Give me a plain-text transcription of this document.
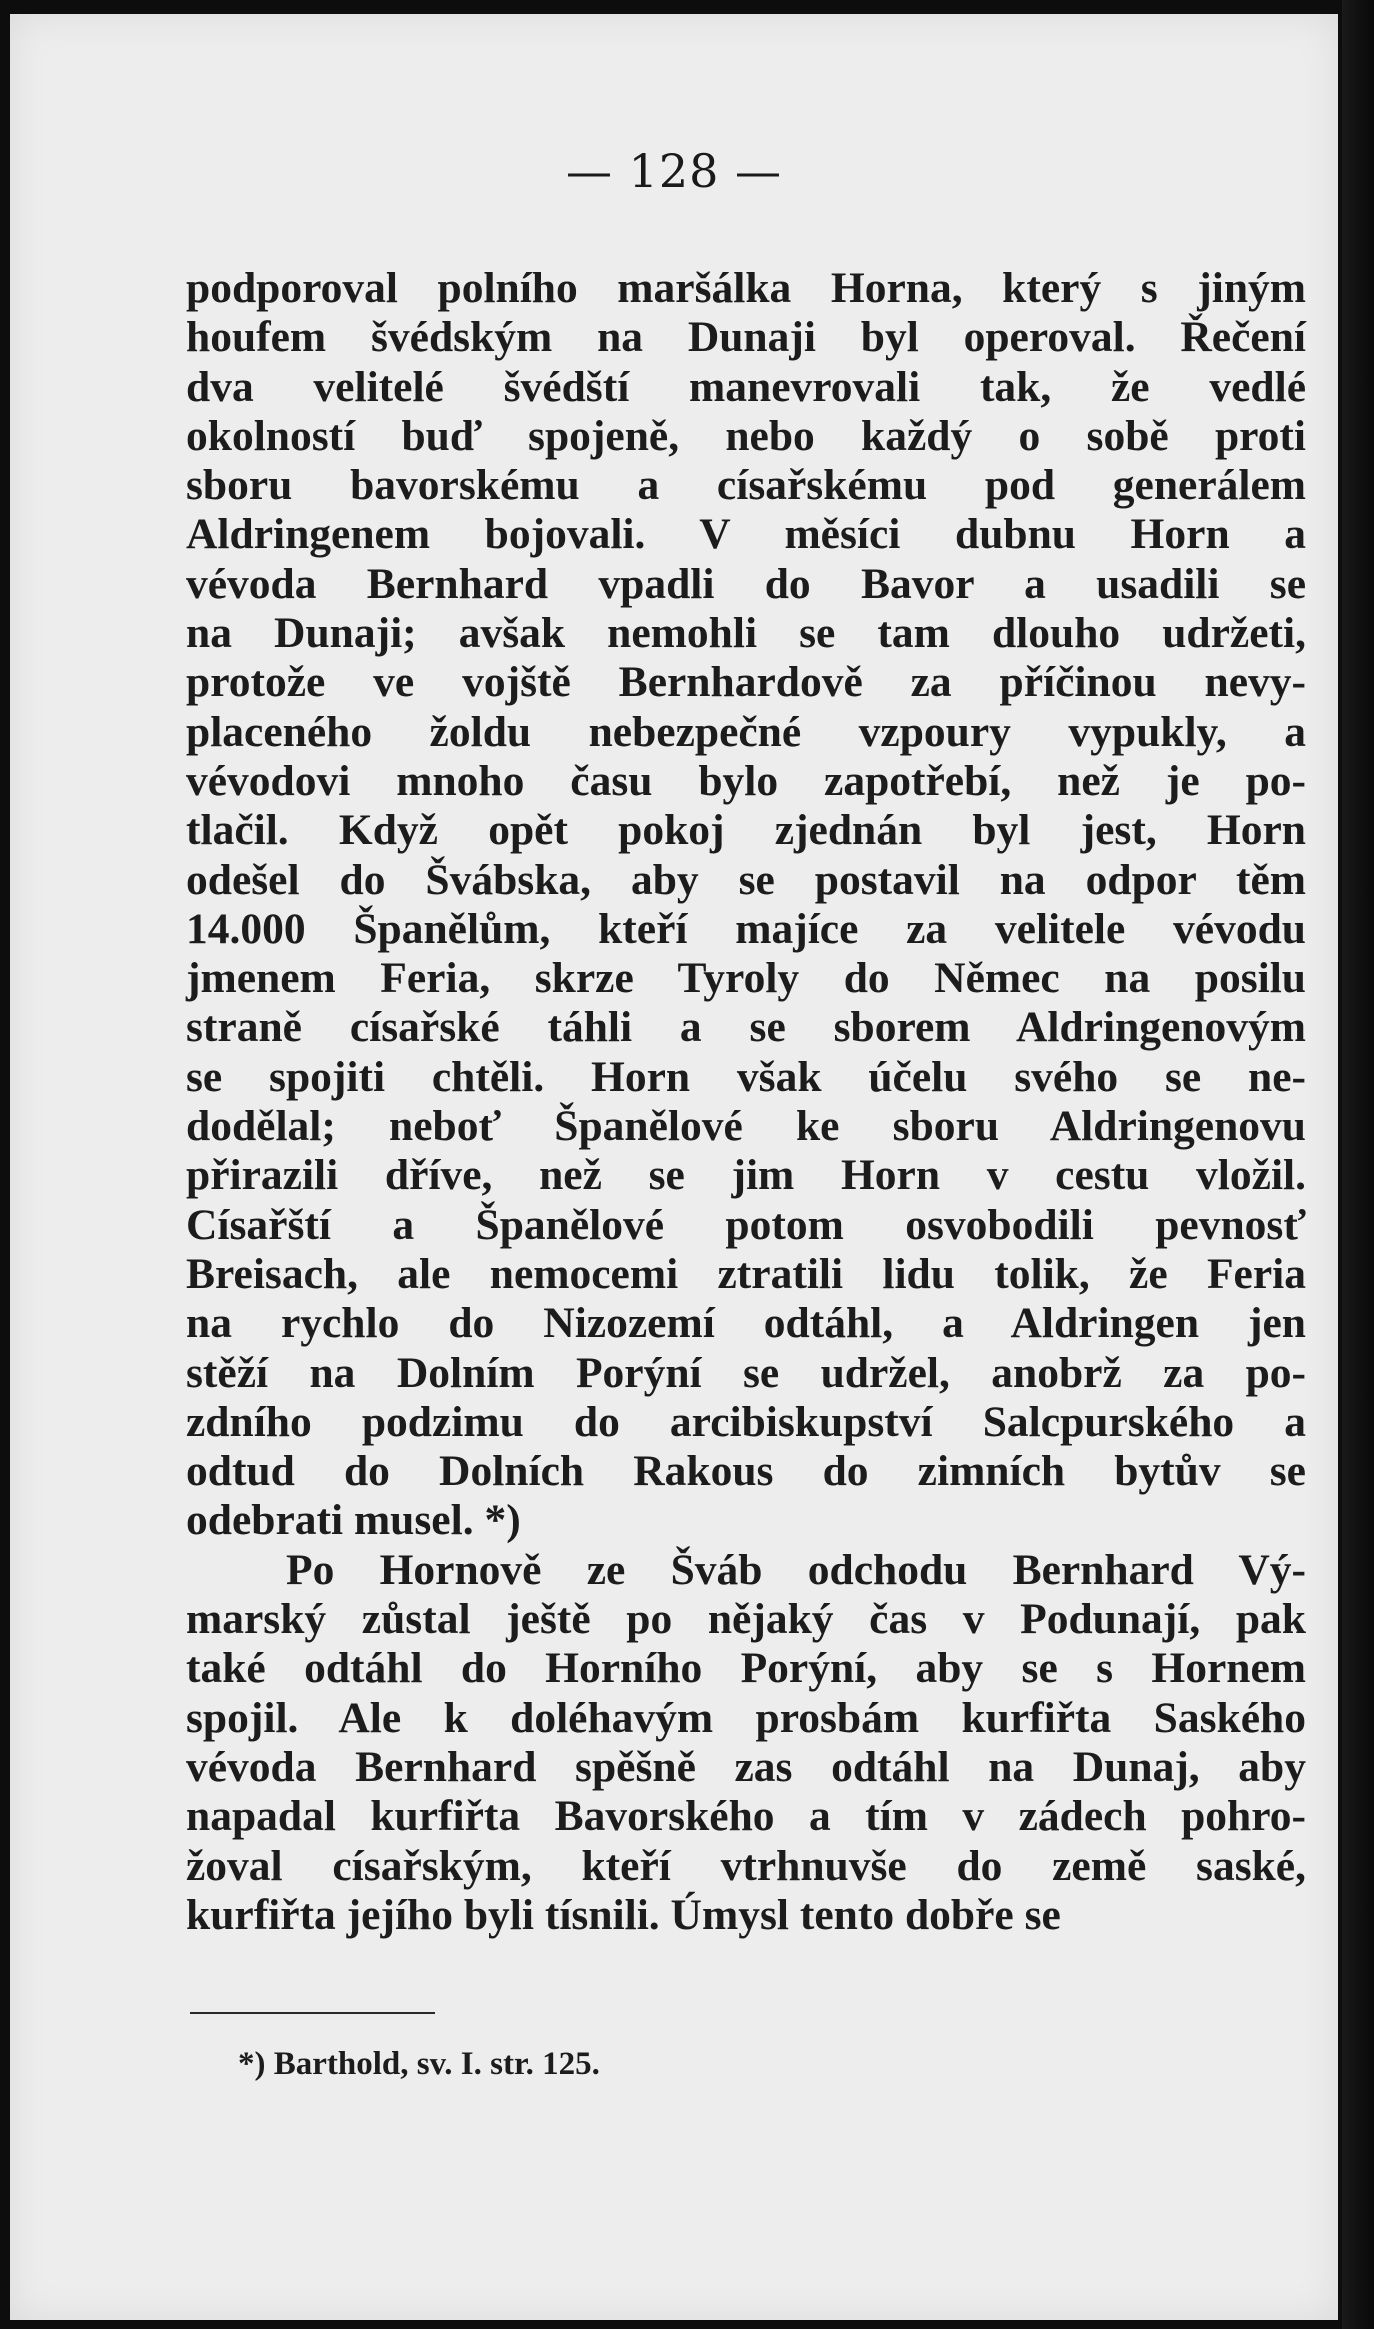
— 128 —

podporoval polního maršálka Horna, který s jiným
houfem švédským na Dunaji byl operoval. Řečení
dva velitelé švédští manevrovali tak, že vedlé
okolností buď spojeně, nebo každý o sobě proti
sboru bavorskému a císařskému pod generálem
Aldringenem bojovali. V měsíci dubnu Horn a
vévoda Bernhard vpadli do Bavor a usadili se
na Dunaji; avšak nemohli se tam dlouho udržeti,
protože ve vojště Bernhardově za příčinou nevy-
placeného žoldu nebezpečné vzpoury vypukly, a
vévodovi mnoho času bylo zapotřebí, než je po-
tlačil. Když opět pokoj zjednán byl jest, Horn
odešel do Švábska, aby se postavil na odpor těm
14.000 Španělům, kteří majíce za velitele vévodu
jmenem Feria, skrze Tyroly do Němec na posilu
straně císařské táhli a se sborem Aldringenovým
se spojiti chtěli. Horn však účelu svého se ne-
dodělal; neboť Španělové ke sboru Aldringenovu
přirazili dříve, než se jim Horn v cestu vložil.
Císařští a Španělové potom osvobodili pevnosť
Breisach, ale nemocemi ztratili lidu tolik, že Feria
na rychlo do Nizozemí odtáhl, a Aldringen jen
stěží na Dolním Porýní se udržel, anobrž za po-
zdního podzimu do arcibiskupství Salcpurského a
odtud do Dolních Rakous do zimních bytův se
odebrati musel. *)

Po Hornově ze Šváb odchodu Bernhard Vý-
marský zůstal ještě po nějaký čas v Podunají, pak
také odtáhl do Horního Porýní, aby se s Hornem
spojil. Ale k doléhavým prosbám kurfiřta Saského
vévoda Bernhard spěšně zas odtáhl na Dunaj, aby
napadal kurfiřta Bavorského a tím v zádech pohro-
žoval císařským, kteří vtrhnuvše do země saské,
kurfiřta jejího byli tísnili. Úmysl tento dobře se

*) Barthold, sv. I. str. 125.
